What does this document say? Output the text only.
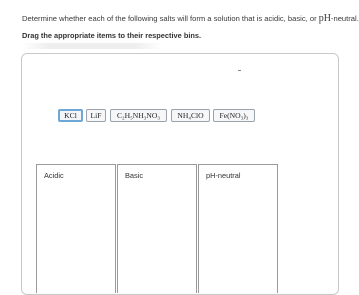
Determine whether each of the following salts will form a solution that is acidic, basic, or pH-neutral.
Drag the appropriate items to their respective bins.
KCl	LiF	C₂H₅NH₃NO₃	NH₄ClO	Fe(NO₃)₃
Acidic	Basic	pH-neutral
